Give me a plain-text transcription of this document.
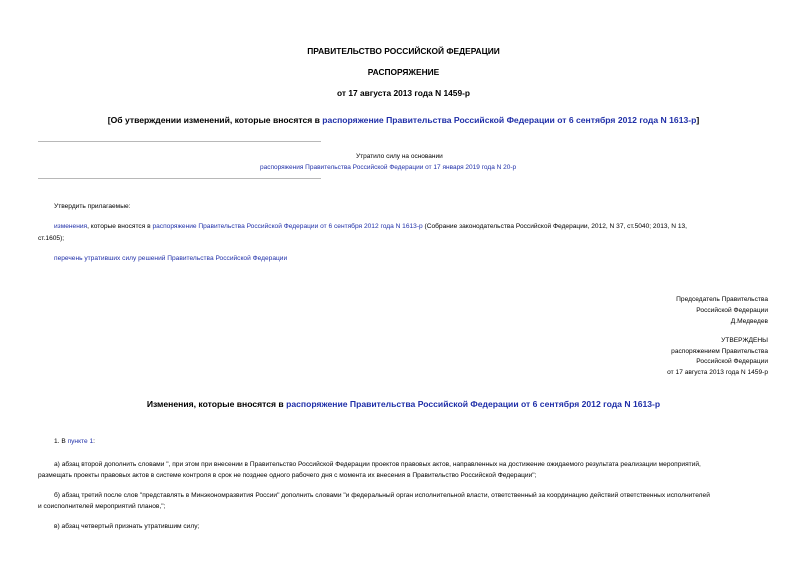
ПРАВИТЕЛЬСТВО РОССИЙСКОЙ ФЕДЕРАЦИИ
РАСПОРЯЖЕНИЕ
от 17 августа 2013 года N 1459-р
[Об утверждении изменений, которые вносятся в распоряжение Правительства Российской Федерации от 6 сентября 2012 года N 1613-р]
Утратило силу на основании
распоряжения Правительства Российской Федерации от 17 января 2019 года N 20-р
Утвердить прилагаемые:
изменения, которые вносятся в распоряжение Правительства Российской Федерации от 6 сентября 2012 года N 1613-р (Собрание законодательства Российской Федерации, 2012, N 37, ст.5040; 2013, N 13,
ст.1605);
перечень утративших силу решений Правительства Российской Федерации
Председатель Правительства
Российской Федерации
Д.Медведев
УТВЕРЖДЕНЫ
распоряжением Правительства
Российской Федерации
от 17 августа 2013 года N 1459-р
Изменения, которые вносятся в распоряжение Правительства Российской Федерации от 6 сентября 2012 года N 1613-р
1. В пункте 1:
а) абзац второй дополнить словами ", при этом при внесении в Правительство Российской Федерации проектов правовых актов, направленных на достижение ожидаемого результата реализации мероприятий,
размещать проекты правовых актов в системе контроля в срок не позднее одного рабочего дня с момента их внесения в Правительство Российской Федерации";
б) абзац третий после слов "представлять в Минэкономразвития России" дополнить словами "и федеральный орган исполнительной власти, ответственный за координацию действий ответственных исполнителей
и соисполнителей мероприятий планов,";
в) абзац четвертый признать утратившим силу;
